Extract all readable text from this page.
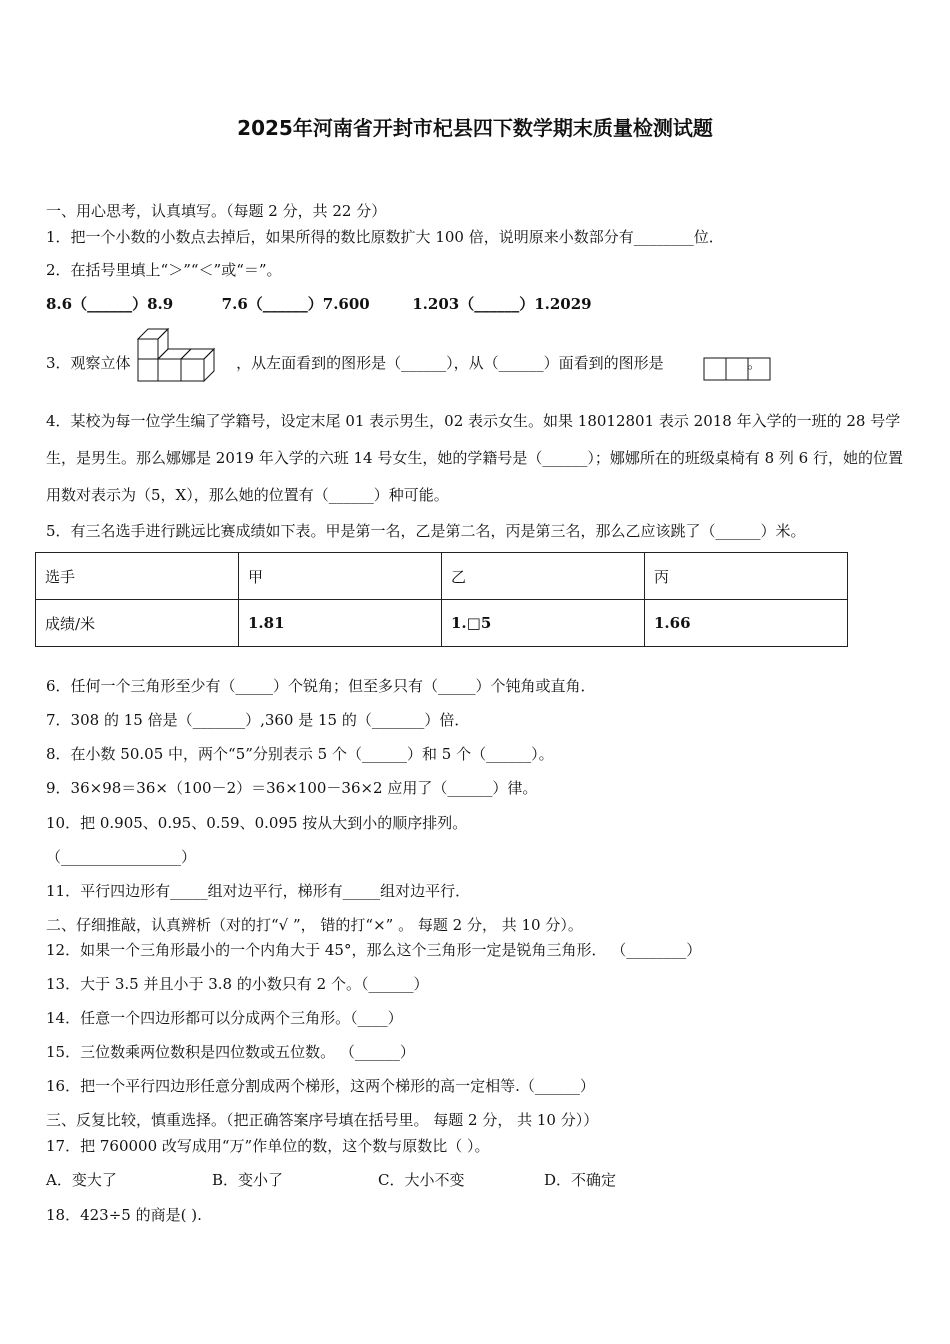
2025年河南省开封市杞县四下数学期末质量检测试题
一、用心思考，认真填写。（每题 2 分，共 22 分）
1．把一个小数的小数点去掉后，如果所得的数比原数扩大 100 倍，说明原来小数部分有________位．
2．在括号里填上“＞”“＜”或“＝”。
8.6（______）8.9	7.6（______）7.600	1.203（______）1.2029
3．观察立体	，从左面看到的图形是（______），从（______）面看到的图形是	。
4．某校为每一位学生编了学籍号，设定末尾 01 表示男生，02 表示女生。如果 18012801 表示 2018 年入学的一班的 28 号学生，是男生。那么娜娜是 2019 年入学的六班 14 号女生，她的学籍号是（______）；娜娜所在的班级桌椅有 8 列 6 行，她的位置用数对表示为（5，X），那么她的位置有（______）种可能。
5．有三名选手进行跳远比赛成绩如下表。甲是第一名，乙是第二名，丙是第三名，那么乙应该跳了（______）米。
选手	甲	乙	丙
成绩/米	1.81	1.□5	1.66
6．任何一个三角形至少有（_____）个锐角；但至多只有（_____）个钝角或直角．
7．308 的 15 倍是（_______）,360 是 15 的（_______）倍．
8．在小数 50.05 中，两个“5”分别表示 5 个（______）和 5 个（______）。
9．36×98＝36×（100－2）＝36×100－36×2 应用了（______）律。
10．把 0.905、0.95、0.59、0.095 按从大到小的顺序排列。
（________________）
11．平行四边形有_____组对边平行，梯形有_____组对边平行．
二、仔细推敲，认真辨析（对的打“√ ”， 错的打“×” 。 每题 2 分， 共 10 分）。
12．如果一个三角形最小的一个内角大于 45°，那么这个三角形一定是锐角三角形． （________）
13．大于 3.5 并且小于 3.8 的小数只有 2 个。（______）
14．任意一个四边形都可以分成两个三角形。（____）
15．三位数乘两位数积是四位数或五位数。 （______）
16．把一个平行四边形任意分割成两个梯形，这两个梯形的高一定相等.（______）
三、反复比较，慎重选择。（把正确答案序号填在括号里。 每题 2 分， 共 10 分））
17．把 760000 改写成用“万”作单位的数，这个数与原数比（ ）。
A．变大了	B．变小了	C．大小不变	D．不确定
18．423÷5 的商是( ).
